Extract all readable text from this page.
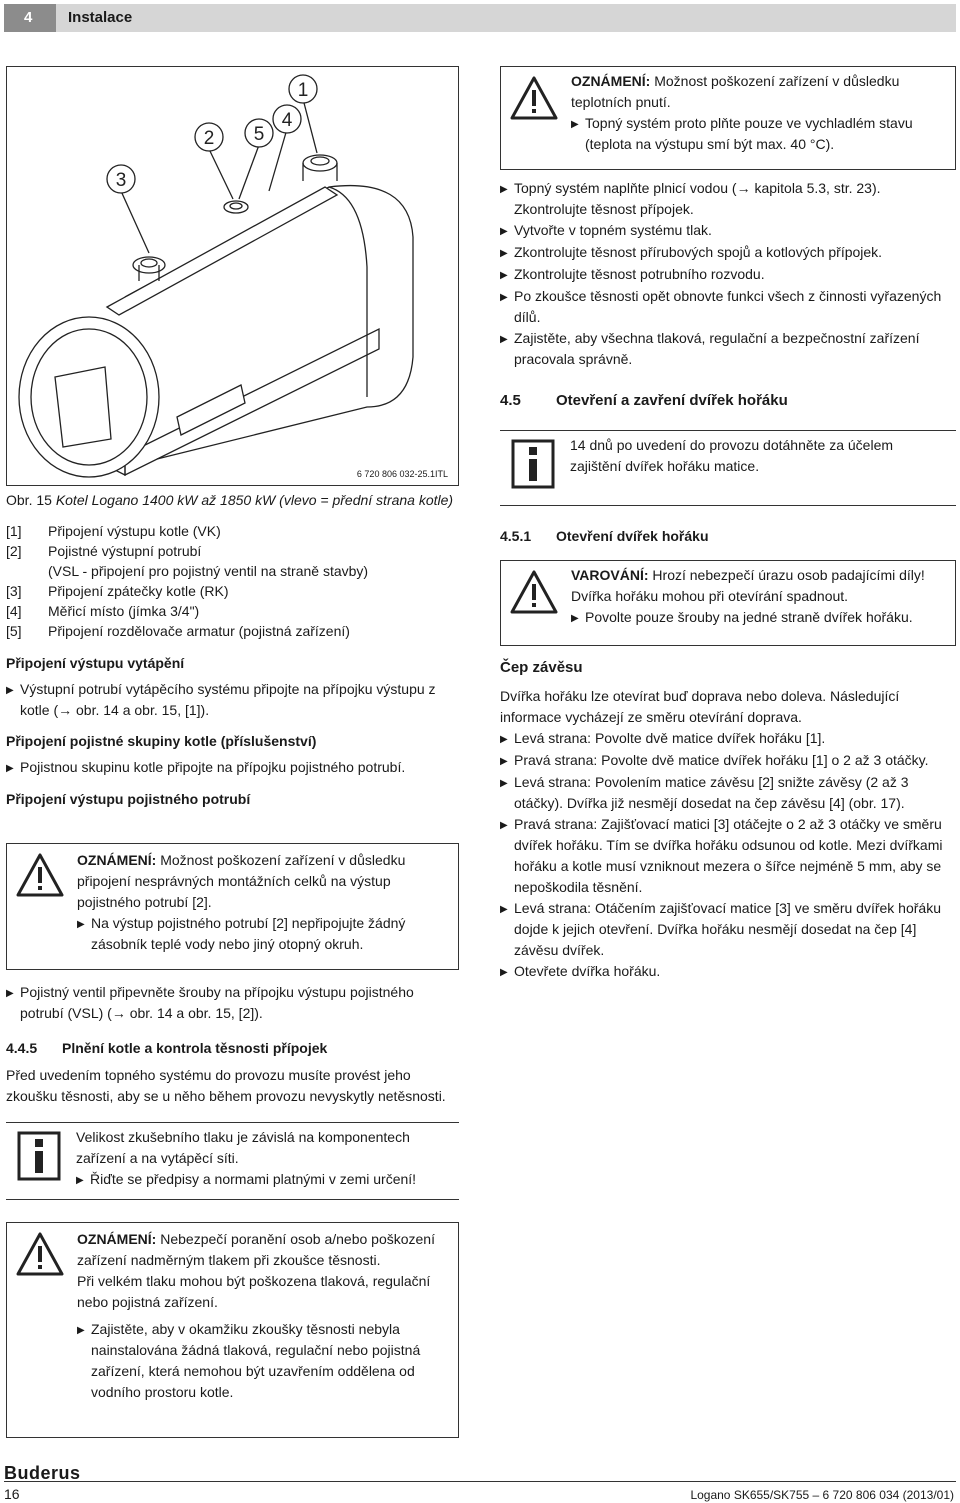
4	Instalace
3
2 5
4
1
6 720 806 032-25.1ITL
Obr. 15 Kotel Logano 1400 kW až 1850 kW (vlevo = přední strana kotle)
[1]	Připojení výstupu kotle (VK)
[2]	Pojistné výstupní potrubí
(VSL - připojení pro pojistný ventil na straně stavby)
[3]	Připojení zpátečky kotle (RK)
[4]	Měřicí místo (jímka 3/4")
[5]	Připojení rozdělovače armatur (pojistná zařízení)
Připojení výstupu vytápění
▶ Výstupní potrubí vytápěcího systému připojte na přípojku výstupu z kotle (→ obr. 14 a obr. 15, [1]).
Připojení pojistné skupiny kotle (příslušenství)
▶ Pojistnou skupinu kotle připojte na přípojku pojistného potrubí.
Připojení výstupu pojistného potrubí

OZNÁMENÍ: Možnost poškození zařízení v důsledku připojení nesprávných montážních celků na výstup pojistného potrubí [2].

▶ Na výstup pojistného potrubí [2] nepřipojujte žádný zásobník teplé vody nebo jiný otopný okruh.
▶ Pojistný ventil připevněte šrouby na přípojku výstupu pojistného potrubí (VSL) (→ obr. 14 a obr. 15, [2]).
4.4.5	Plnění kotle a kontrola těsnosti přípojek

Před uvedením topného systému do provozu musíte provést jeho zkoušku těsnosti, aby se u něho během provozu nevyskytly netěsnosti.

Velikost zkušebního tlaku je závislá na komponentech zařízení a na vytápěcí síti.

▶ Řiďte se předpisy a normami platnými v zemi určení!

OZNÁMENÍ: Nebezpečí poranění osob a/nebo poškození zařízení nadměrným tlakem při zkoušce těsnosti.

Při velkém tlaku mohou být poškozena tlaková, regulační nebo pojistná zařízení.

▶ Zajistěte, aby v okamžiku zkoušky těsnosti nebyla nainstalována žádná tlaková, regulační nebo pojistná zařízení, která nemohou být uzavřením oddělena od vodního prostoru kotle.

OZNÁMENÍ: Možnost poškození zařízení v důsledku teplotních pnutí.

▶ Topný systém proto plňte pouze ve vychladlém stavu (teplota na výstupu smí být max. 40 °C).
▶ Topný systém naplňte plnicí vodou (→ kapitola 5.3, str. 23). Zkontrolujte těsnost přípojek.
▶ Vytvořte v topném systému tlak.
▶ Zkontrolujte těsnost přírubových spojů a kotlových přípojek.
▶ Zkontrolujte těsnost potrubního rozvodu.
▶ Po zkoušce těsnosti opět obnovte funkci všech z činnosti vyřazených dílů.
▶ Zajistěte, aby všechna tlaková, regulační a bezpečnostní zařízení pracovala správně.
4.5	Otevření a zavření dvířek hořáku

14 dnů po uvedení do provozu dotáhněte za účelem zajištění dvířek hořáku matice.

4.5.1	Otevření dvířek hořáku

VAROVÁNÍ: Hrozí nebezpečí úrazu osob padajícími díly! Dvířka hořáku mohou při otevírání spadnout.

▶ Povolte pouze šrouby na jedné straně dvířek hořáku.
Čep závěsu

Dvířka hořáku lze otevírat buď doprava nebo doleva. Následující informace vycházejí ze směru otevírání doprava.

▶ Levá strana: Povolte dvě matice dvířek hořáku [1].
▶ Pravá strana: Povolte dvě matice dvířek hořáku [1] o 2 až 3 otáčky.
▶ Levá strana: Povolením matice závěsu [2] snižte závěsy (2 až 3 otáčky). Dvířka již nesmějí dosedat na čep závěsu [4] (obr. 17).
▶ Pravá strana: Zajišťovací matici [3] otáčejte o 2 až 3 otáčky ve směru dvířek hořáku. Tím se dvířka hořáku odsunou od kotle. Mezi dvířkami hořáku a kotle musí vzniknout mezera o šířce nejméně 5 mm, aby se nepoškodila těsnění.
▶ Levá strana: Otáčením zajišťovací matice [3] ve směru dvířek hořáku dojde k jejich otevření. Dvířka hořáku nesmějí dosedat na čep [4] závěsu dvířek.
▶ Otevřete dvířka hořáku.
Buderus
16	Logano SK655/SK755 – 6 720 806 034 (2013/01)
